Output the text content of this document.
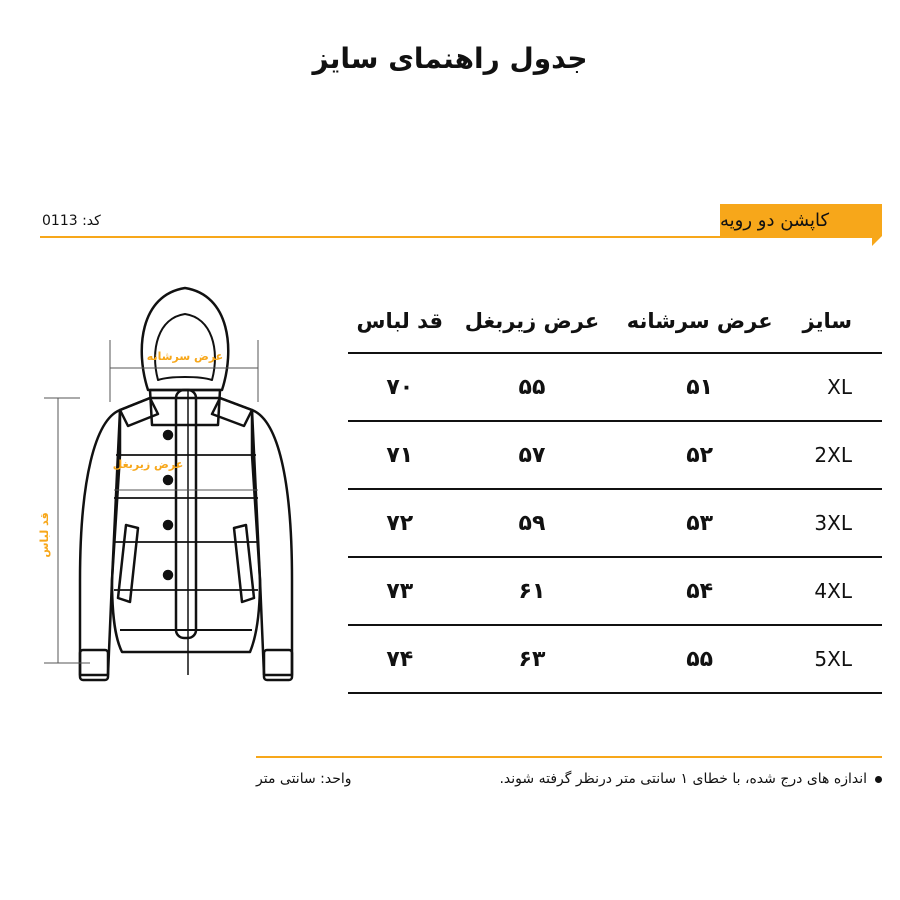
جدول راهنمای سایز
کد: 0113	کاپشن دو رویه
عرض سرشانه
عرض زیربغل
قد لباس
سایز	عرض سرشانه	عرض زیربغل	قد لباس
XL	۵۱	۵۵	۷۰
2XL	۵۲	۵۷	۷۱
3XL	۵۳	۵۹	۷۲
4XL	۵۴	۶۱	۷۳
5XL	۵۵	۶۳	۷۴
اندازه های درج شده، با خطای ۱ سانتی متر درنظر گرفته شوند.
واحد: سانتی متر
